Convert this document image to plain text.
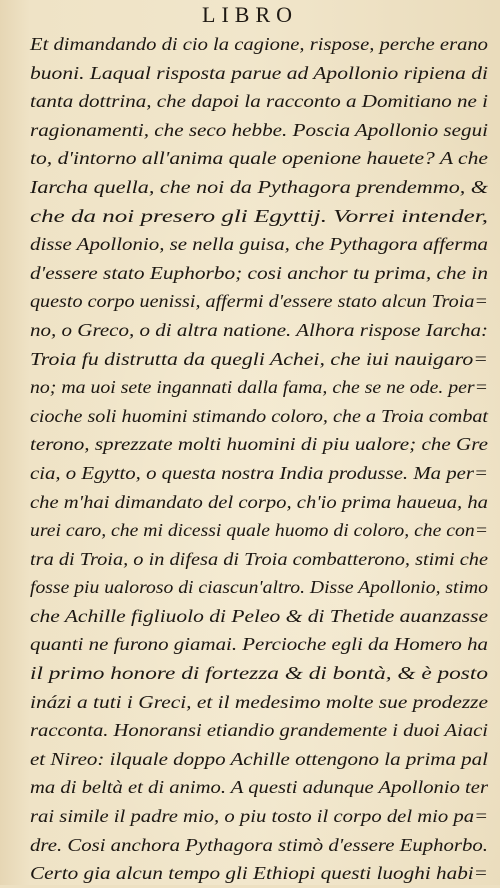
LIBRO
Et dimandando di cio la cagione, rispose, perche erano
buoni. Laqual risposta parue ad Apollonio ripiena di
tanta dottrina, che dapoi la racconto a Domitiano ne i
ragionamenti, che seco hebbe. Poscia Apollonio segui
to, d'intorno all'anima quale openione hauete? A che
Iarcha quella, che noi da Pythagora prendemmo, &
che da noi presero gli Egyttij. Vorrei intender,
disse Apollonio, se nella guisa, che Pythagora afferma
d'essere stato Euphorbo; cosi anchor tu prima, che in
questo corpo uenissi, affermi d'essere stato alcun Troia=
no, o Greco, o di altra natione. Alhora rispose Iarcha:
Troia fu distrutta da quegli Achei, che iui nauigaro=
no; ma uoi sete ingannati dalla fama, che se ne ode. per=
cioche soli huomini stimando coloro, che a Troia combat
terono, sprezzate molti huomini di piu ualore; che Gre
cia, o Egytto, o questa nostra India produsse. Ma per=
che m'hai dimandato del corpo, ch'io prima haueua, ha
urei caro, che mi dicessi quale huomo di coloro, che con=
tra di Troia, o in difesa di Troia combatterono, stimi che
fosse piu ualoroso di ciascun'altro. Disse Apollonio, stimo
che Achille figliuolo di Peleo & di Thetide auanzasse
quanti ne furono giamai. Percioche egli da Homero ha
il primo honore di fortezza & di bontà, & è posto
inázi a tuti i Greci, et il medesimo molte sue prodezze
racconta. Honoransi etiandio grandemente i duoi Aiaci
et Nireo: ilquale doppo Achille ottengono la prima pal
ma di beltà et di animo. A questi adunque Apollonio ter
rai simile il padre mio, o piu tosto il corpo del mio pa=
dre. Cosi anchora Pythagora stimò d'essere Euphorbo.
Certo gia alcun tempo gli Ethiopi questi luoghi habi=
